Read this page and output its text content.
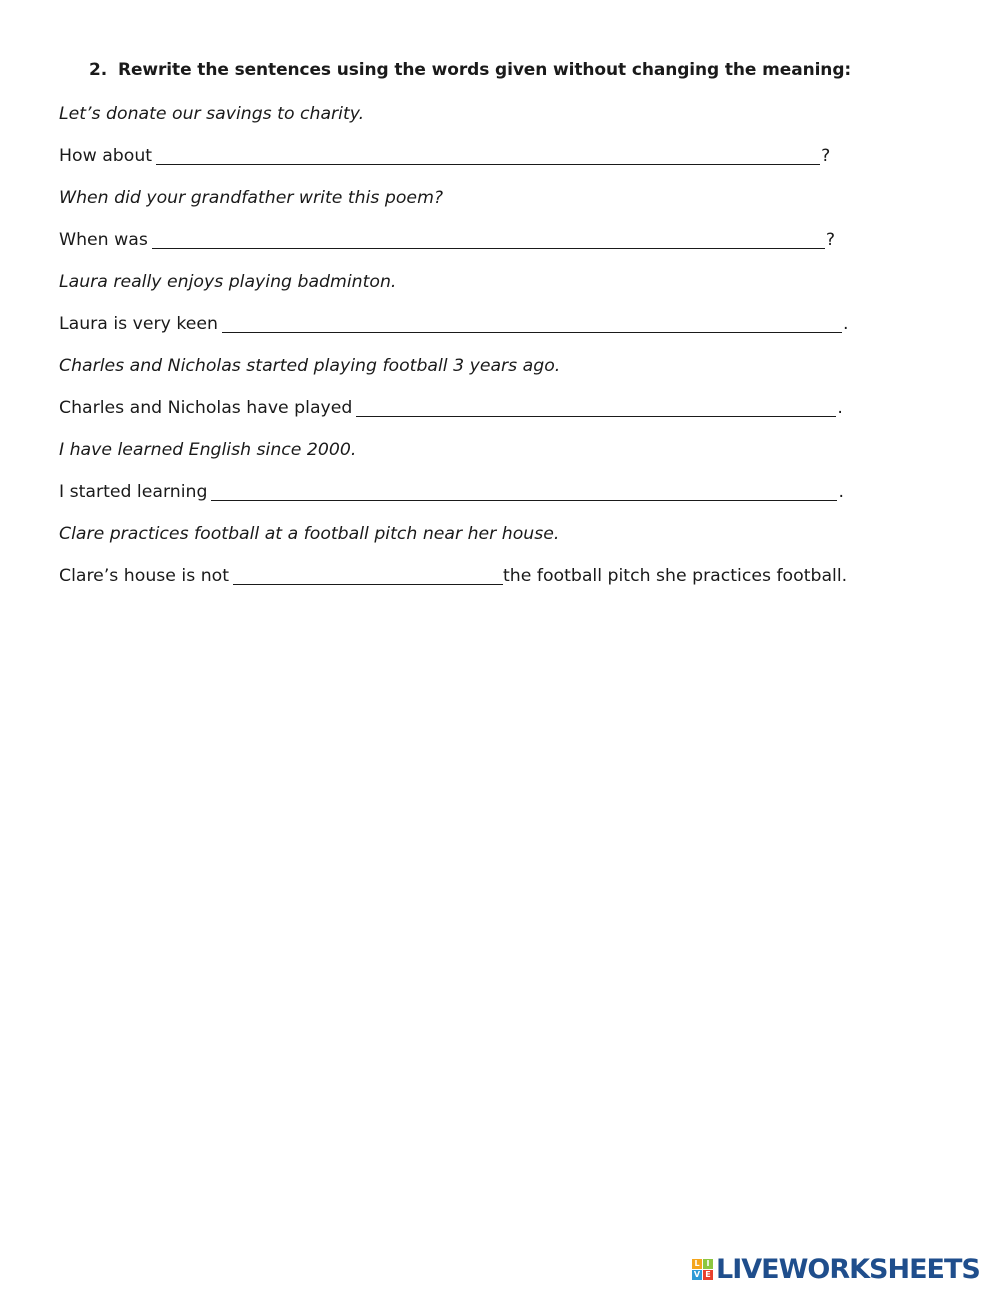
2. Rewrite the sentences using the words given without changing the meaning:
Let’s donate our savings to charity.
How about	?
When did your grandfather write this poem?
When was	?
Laura really enjoys playing badminton.
Laura is very keen	.
Charles and Nicholas started playing football 3 years ago.
Charles and Nicholas have played	.
I have learned English since 2000.
I started learning	.
Clare practices football at a football pitch near her house.
Clare’s house is not	the football pitch she practices football.
L I
V E LIVEWORKSHEETS
